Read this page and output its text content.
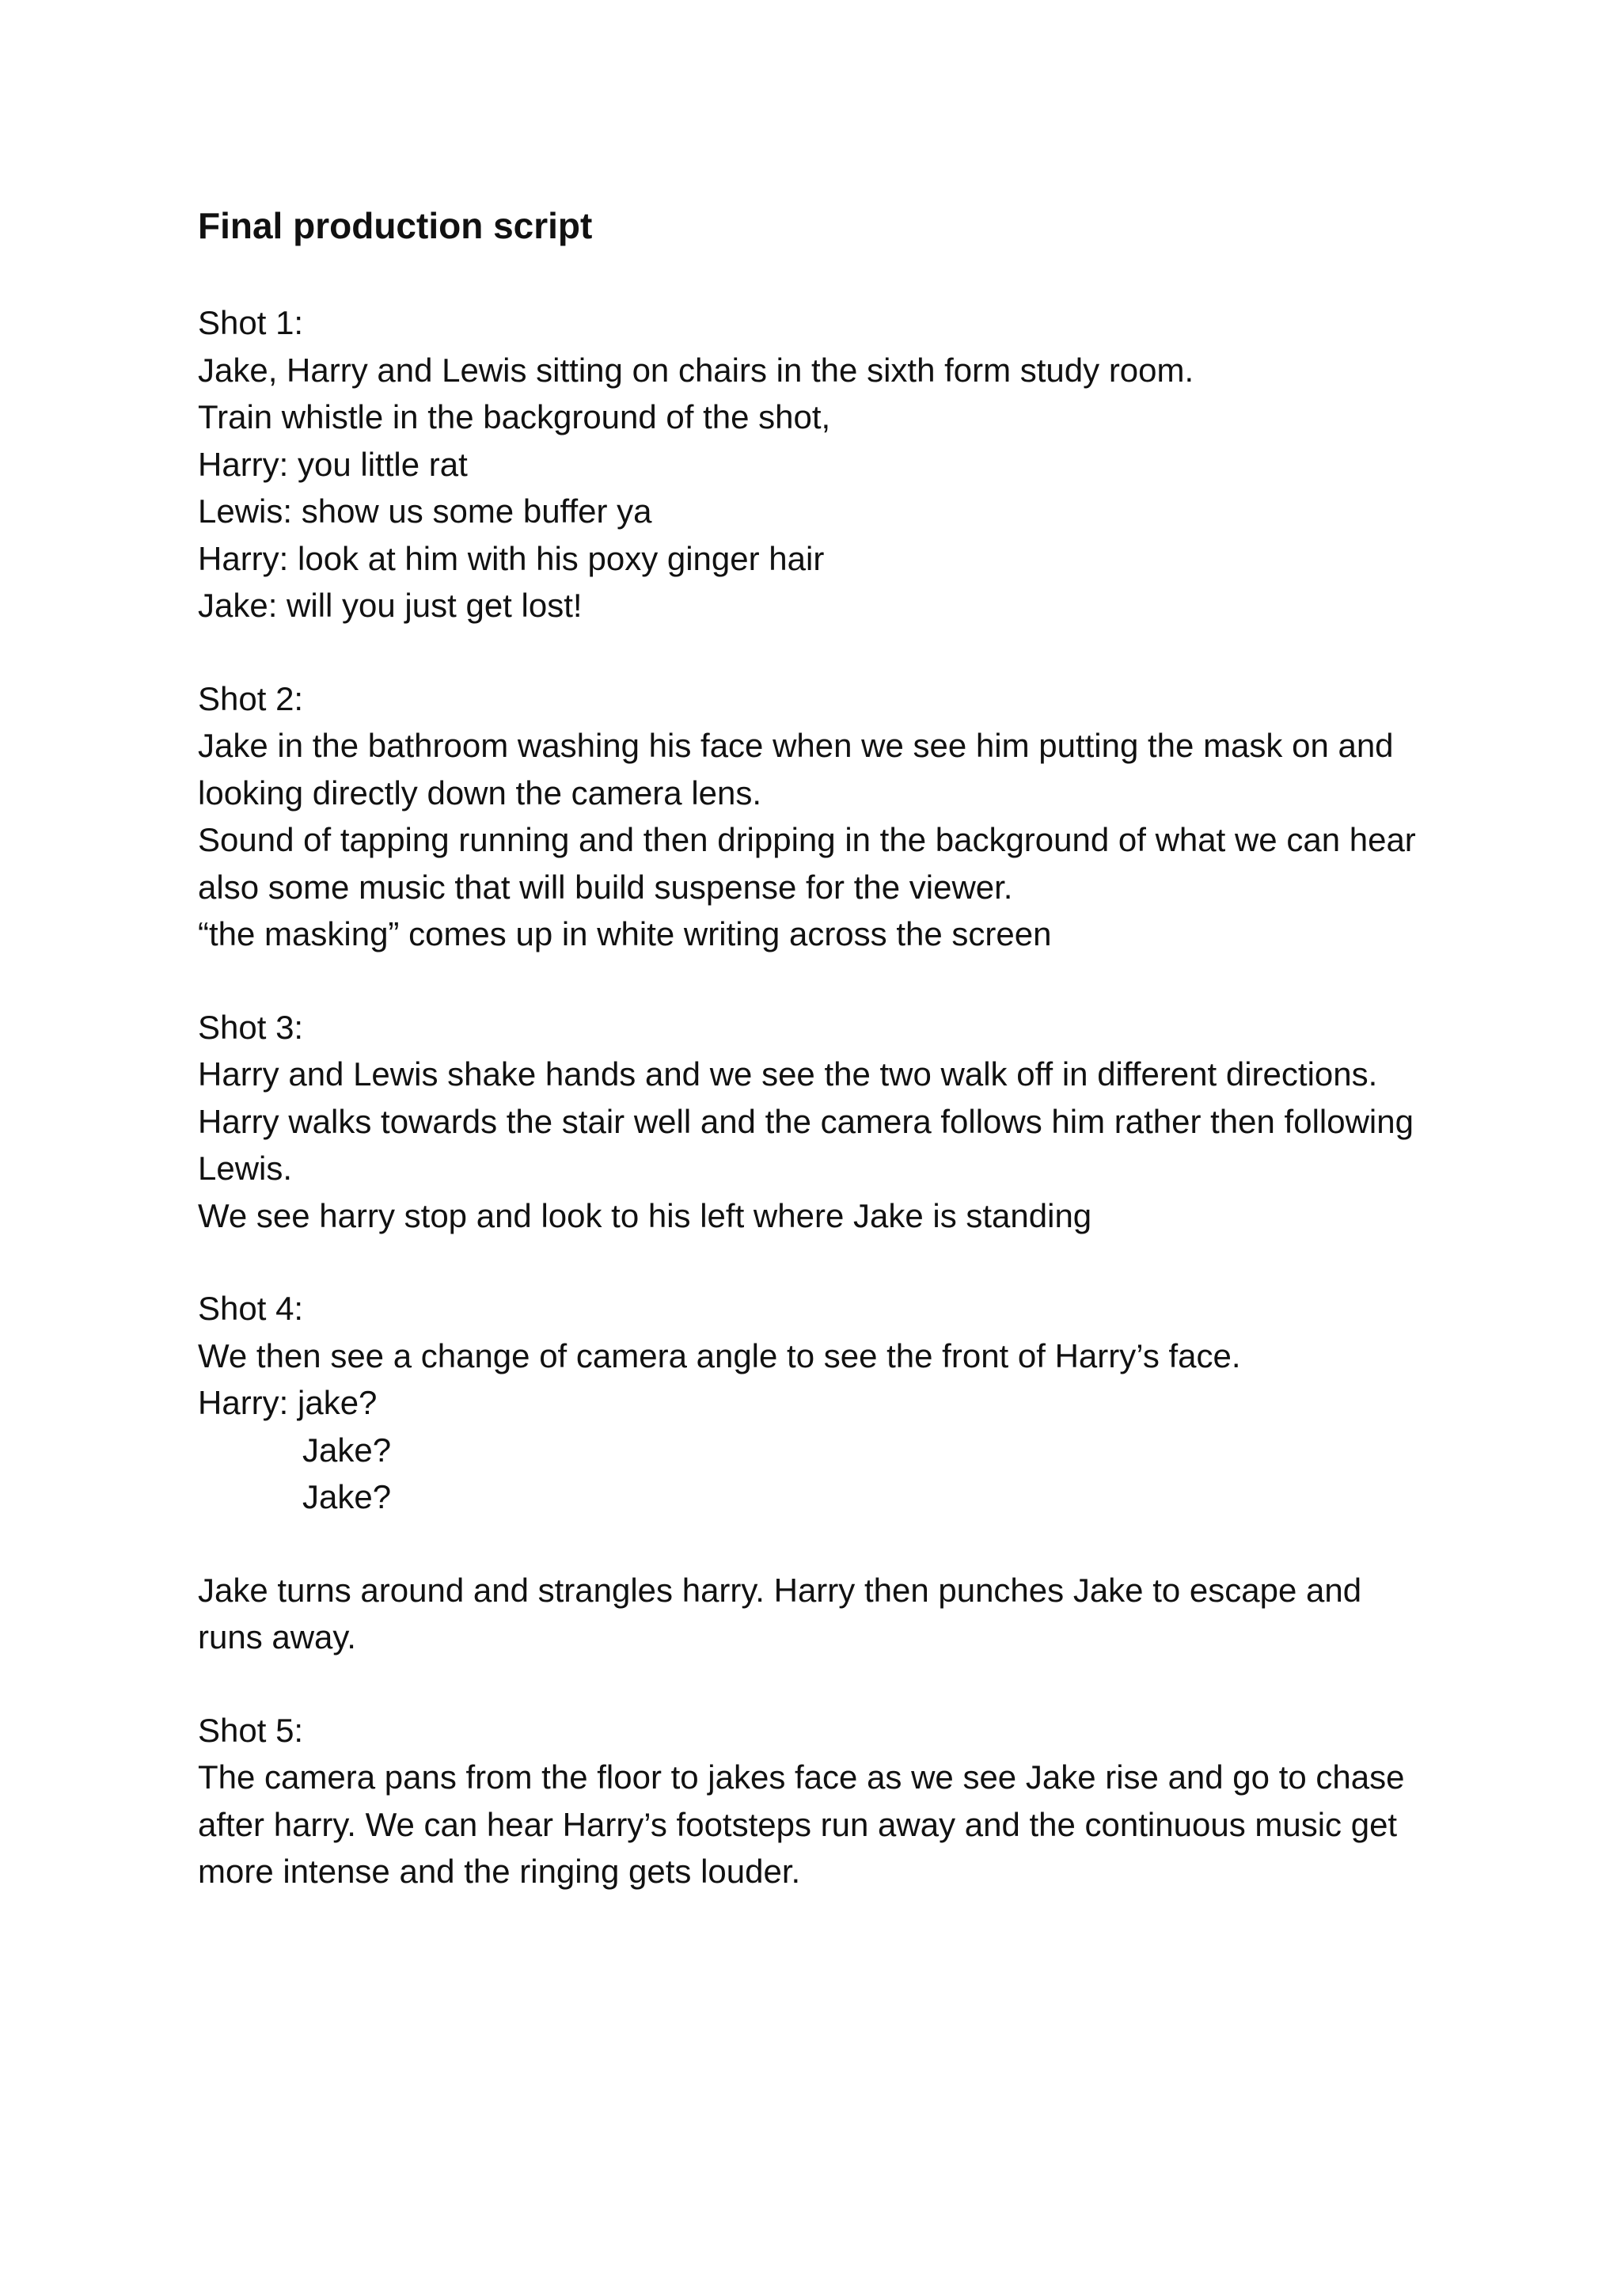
Final production script
Shot 1:
Jake, Harry and Lewis sitting on chairs in the sixth form study room.
Train whistle in the background of the shot,
Harry: you little rat
Lewis: show us some buffer ya
Harry: look at him with his poxy ginger hair
Jake: will you just get lost!
Shot 2:
Jake in the bathroom washing his face when we see him putting the mask on and looking directly down the camera lens.
Sound of tapping running and then dripping in the background of what we can hear also some music that will build suspense for the viewer.
“the masking” comes up in white writing across the screen
Shot 3:
Harry and Lewis shake hands and we see the two walk off in different directions.
Harry walks towards the stair well and the camera follows him rather then following Lewis.
We see harry stop and look to his left where Jake is standing
Shot 4:
We then see a change of camera angle to see the front of Harry’s face.
Harry: jake?
Jake?
Jake?
Jake turns around and strangles harry. Harry then punches Jake to escape and runs away.
Shot 5:
The camera pans from the floor to jakes face as we see Jake rise and go to chase after harry. We can hear Harry’s footsteps run away and the continuous music get more intense and the ringing gets louder.
